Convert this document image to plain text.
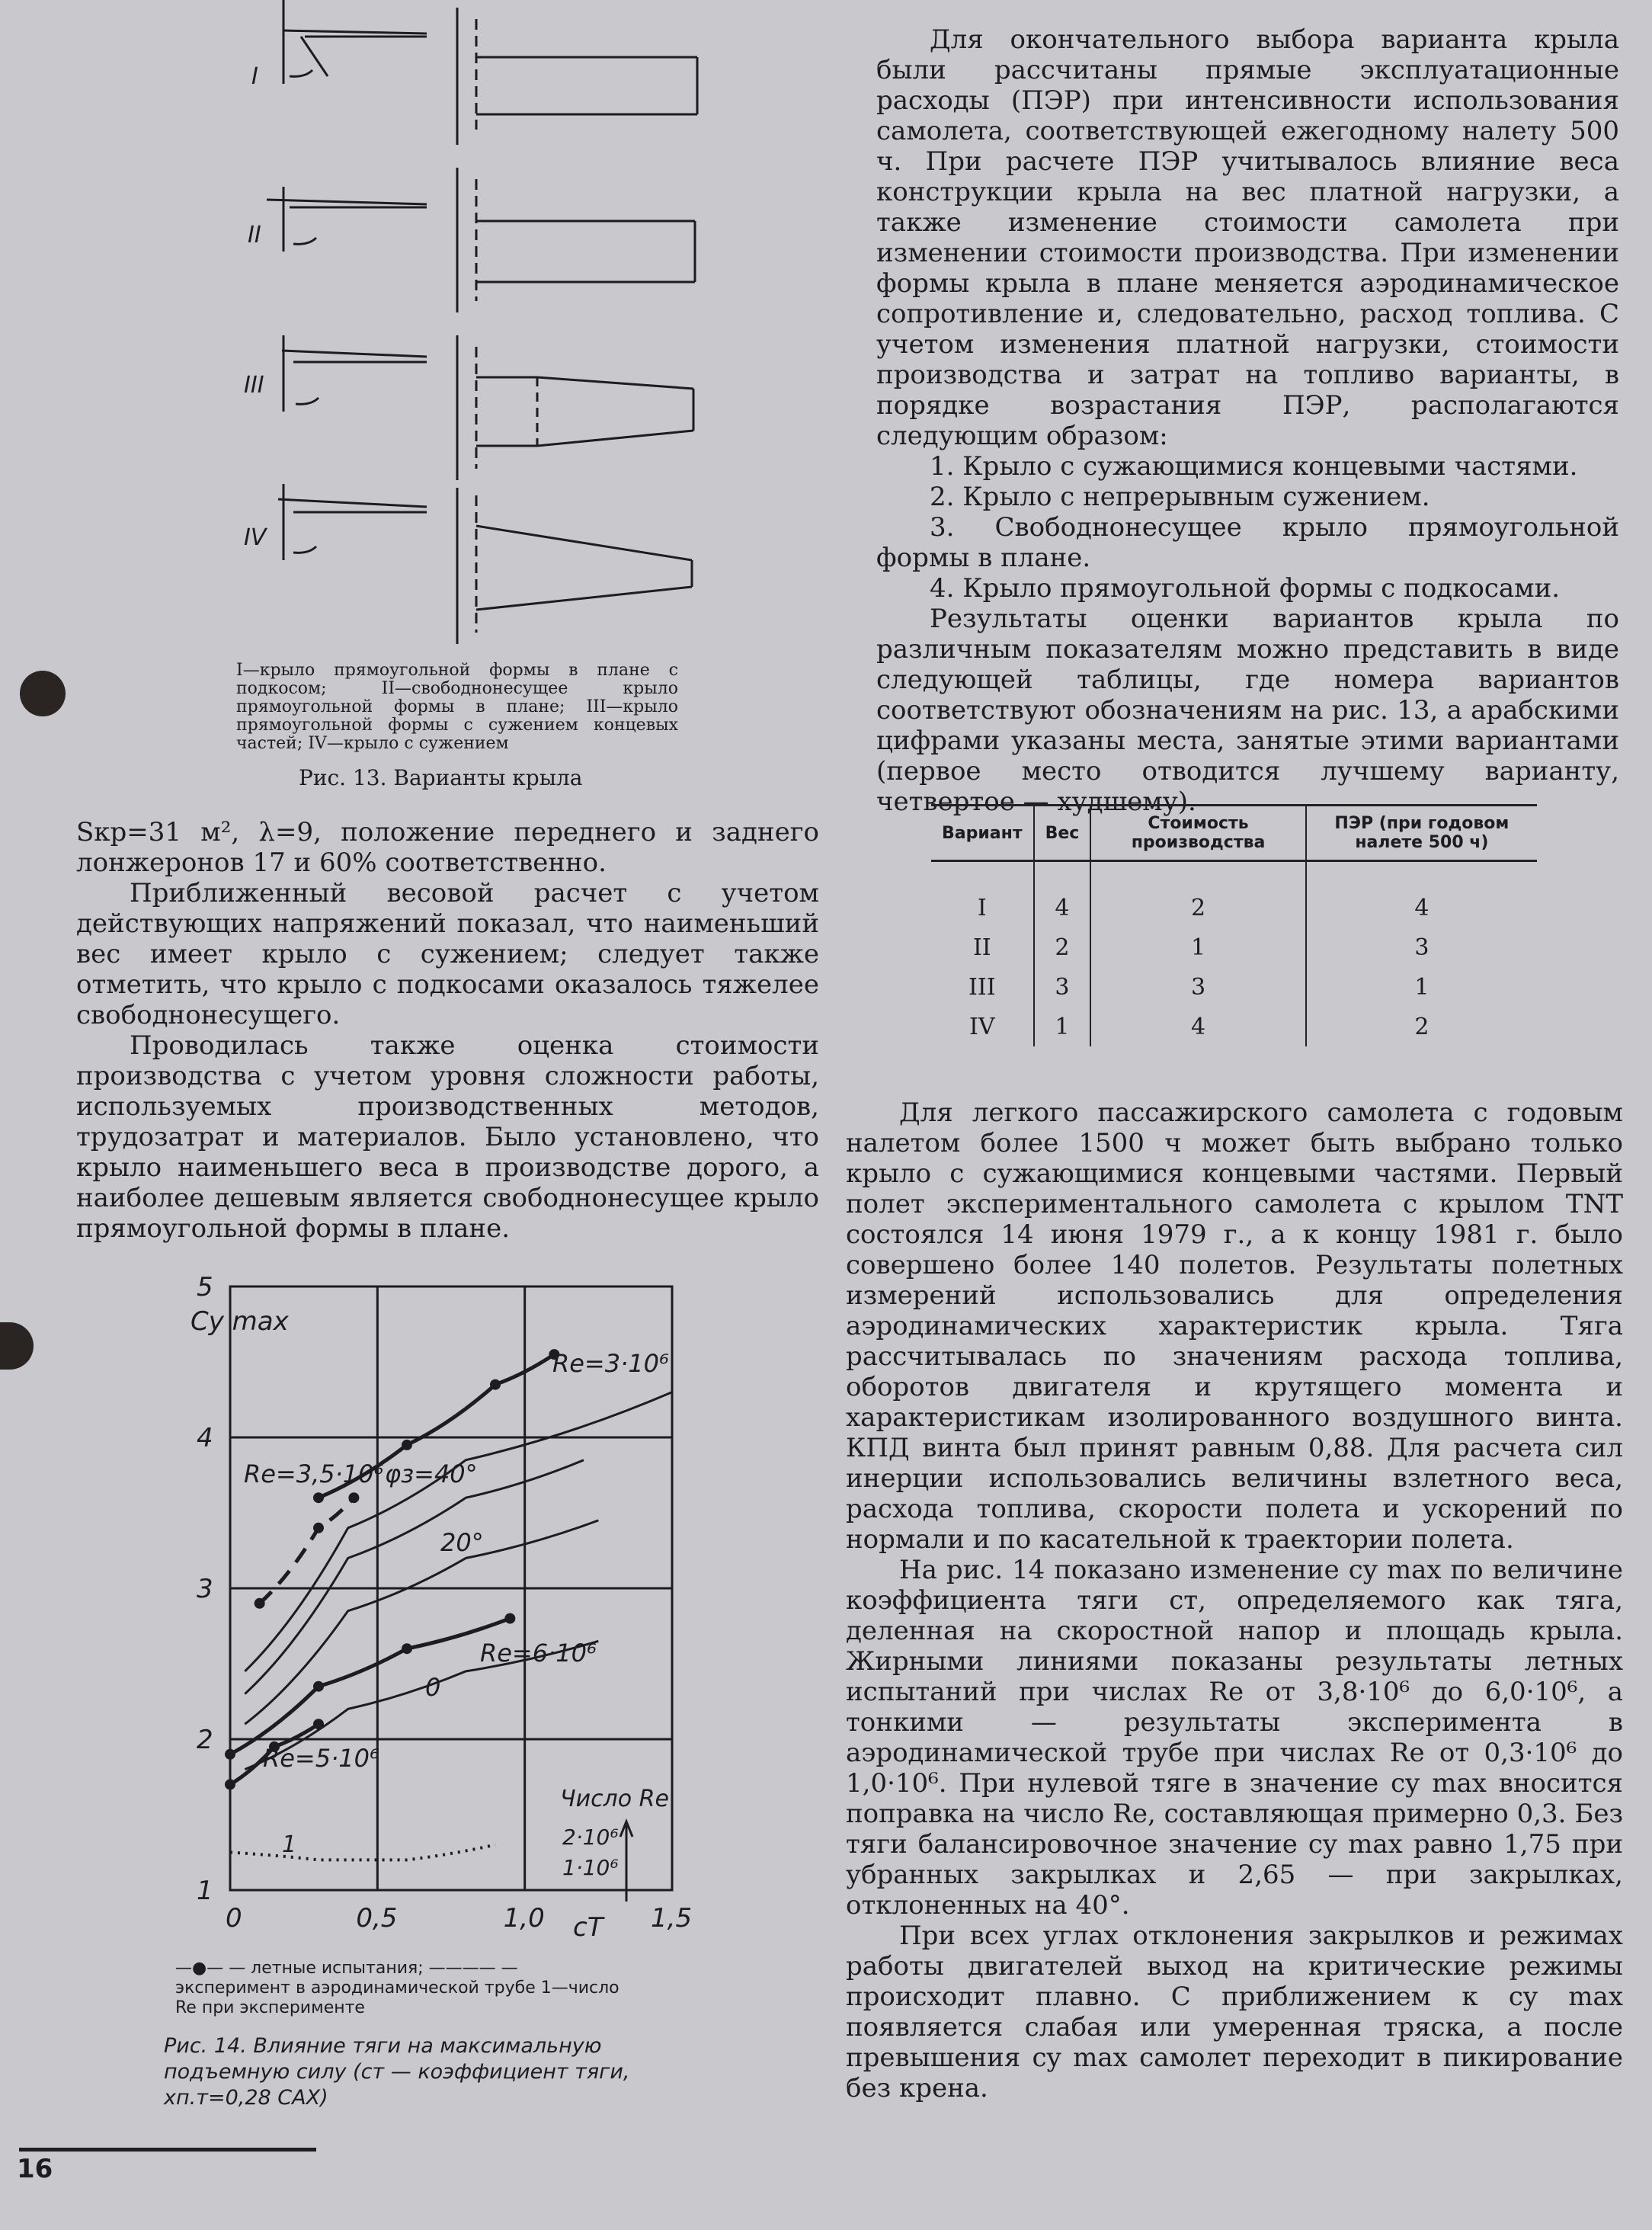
I
II
III
IV
I—крыло прямоугольной формы в плане с подкосом; II—свободнонесущее крыло прямоугольной формы в плане; III—крыло прямоугольной формы с сужением концевых частей; IV—крыло с сужением
Рис. 13. Варианты крыла

Sкр=31 м², λ=9, положение переднего и заднего лонжеронов 17 и 60% соответственно.

Приближенный весовой расчет с учетом действующих напряжений показал, что наименьший вес имеет крыло с сужением; следует также отметить, что крыло с подкосами оказалось тяжелее свободнонесущего.

Проводилась также оценка стоимости производства с учетом уровня сложности работы, используемых производственных методов, трудозатрат и материалов. Было установлено, что крыло наименьшего веса в производстве дорого, а наиболее дешевым является свободнонесущее крыло прямоугольной формы в плане.

Для окончательного выбора варианта крыла были рассчитаны прямые эксплуатационные расходы (ПЭР) при интенсивности использования самолета, соответствующей ежегодному налету 500 ч. При расчете ПЭР учитывалось влияние веса конструкции крыла на вес платной нагрузки, а также изменение стоимости самолета при изменении стоимости производства. При изменении формы крыла в плане меняется аэродинамическое сопротивление и, следовательно, расход топлива. С учетом изменения платной нагрузки, стоимости производства и затрат на топливо варианты, в порядке возрастания ПЭР, располагаются следующим образом:

1. Крыло с сужающимися концевыми частями.

2. Крыло с непрерывным сужением.

3. Свободнонесущее крыло прямоугольной формы в плане.

4. Крыло прямоугольной формы с подкосами.

Результаты оценки вариантов крыла по различным показателям можно представить в виде следующей таблицы, где номера вариантов соответствуют обозначениям на рис. 13, а арабскими цифрами указаны места, занятые этими вариантами (первое место отводится лучшему варианту, четвертое — худшему).

Вариант	Вес	Стоимость производства	ПЭР (при годовом налете 500 ч)

I	4	2	4
II	2	1	3
III	3	3	1
IV	1	4	2

Для легкого пассажирского самолета с годовым налетом более 1500 ч может быть выбрано только крыло с сужающимися концевыми частями. Первый полет экспериментального самолета с крылом TNT состоялся 14 июня 1979 г., а к концу 1981 г. было совершено более 140 полетов. Результаты полетных измерений использовались для определения аэродинамических характеристик крыла. Тяга рассчитывалась по значениям расхода топлива, оборотов двигателя и крутящего момента и характеристикам изолированного воздушного винта. КПД винта был принят равным 0,88. Для расчета сил инерции использовались величины взлетного веса, расхода топлива, скорости полета и ускорений по нормали и по касательной к траектории полета.

На рис. 14 показано изменение cy max по величине коэффициента тяги cт, определяемого как тяга, деленная на скоростной напор и площадь крыла. Жирными линиями показаны результаты летных испытаний при числах Re от 3,8·10⁶ до 6,0·10⁶, а тонкими — результаты эксперимента в аэродинамической трубе при числах Re от 0,3·10⁶ до 1,0·10⁶. При нулевой тяге в значение cy max вносится поправка на число Re, составляющая примерно 0,3. Без тяги балансировочное значение cy max равно 1,75 при убранных закрылках и 2,65 — при закрылках, отклоненных на 40°.

При всех углах отклонения закрылков и режимах работы двигателей выход на критические режимы происходит плавно. С приближением к cy max появляется слабая или умеренная тряска, а после превышения cy max самолет переходит в пикирование без крена.

1
2
3
4
5
0	0,5	1,0	1,5
Cy max
cT
Re=3·10⁶
Re=3,5·10⁶ φз=40°
20°
Re=6·10⁶
0
Re=5·10⁶
1
Число Re
2·10⁶
1·10⁶
—●— — летные испытания; ———— — эксперимент в аэродинамической трубе 1—число Re при эксперименте
Рис. 14. Влияние тяги на максимальную подъемную силу (cт — коэффициент тяги, xп.т=0,28 САХ)
16
